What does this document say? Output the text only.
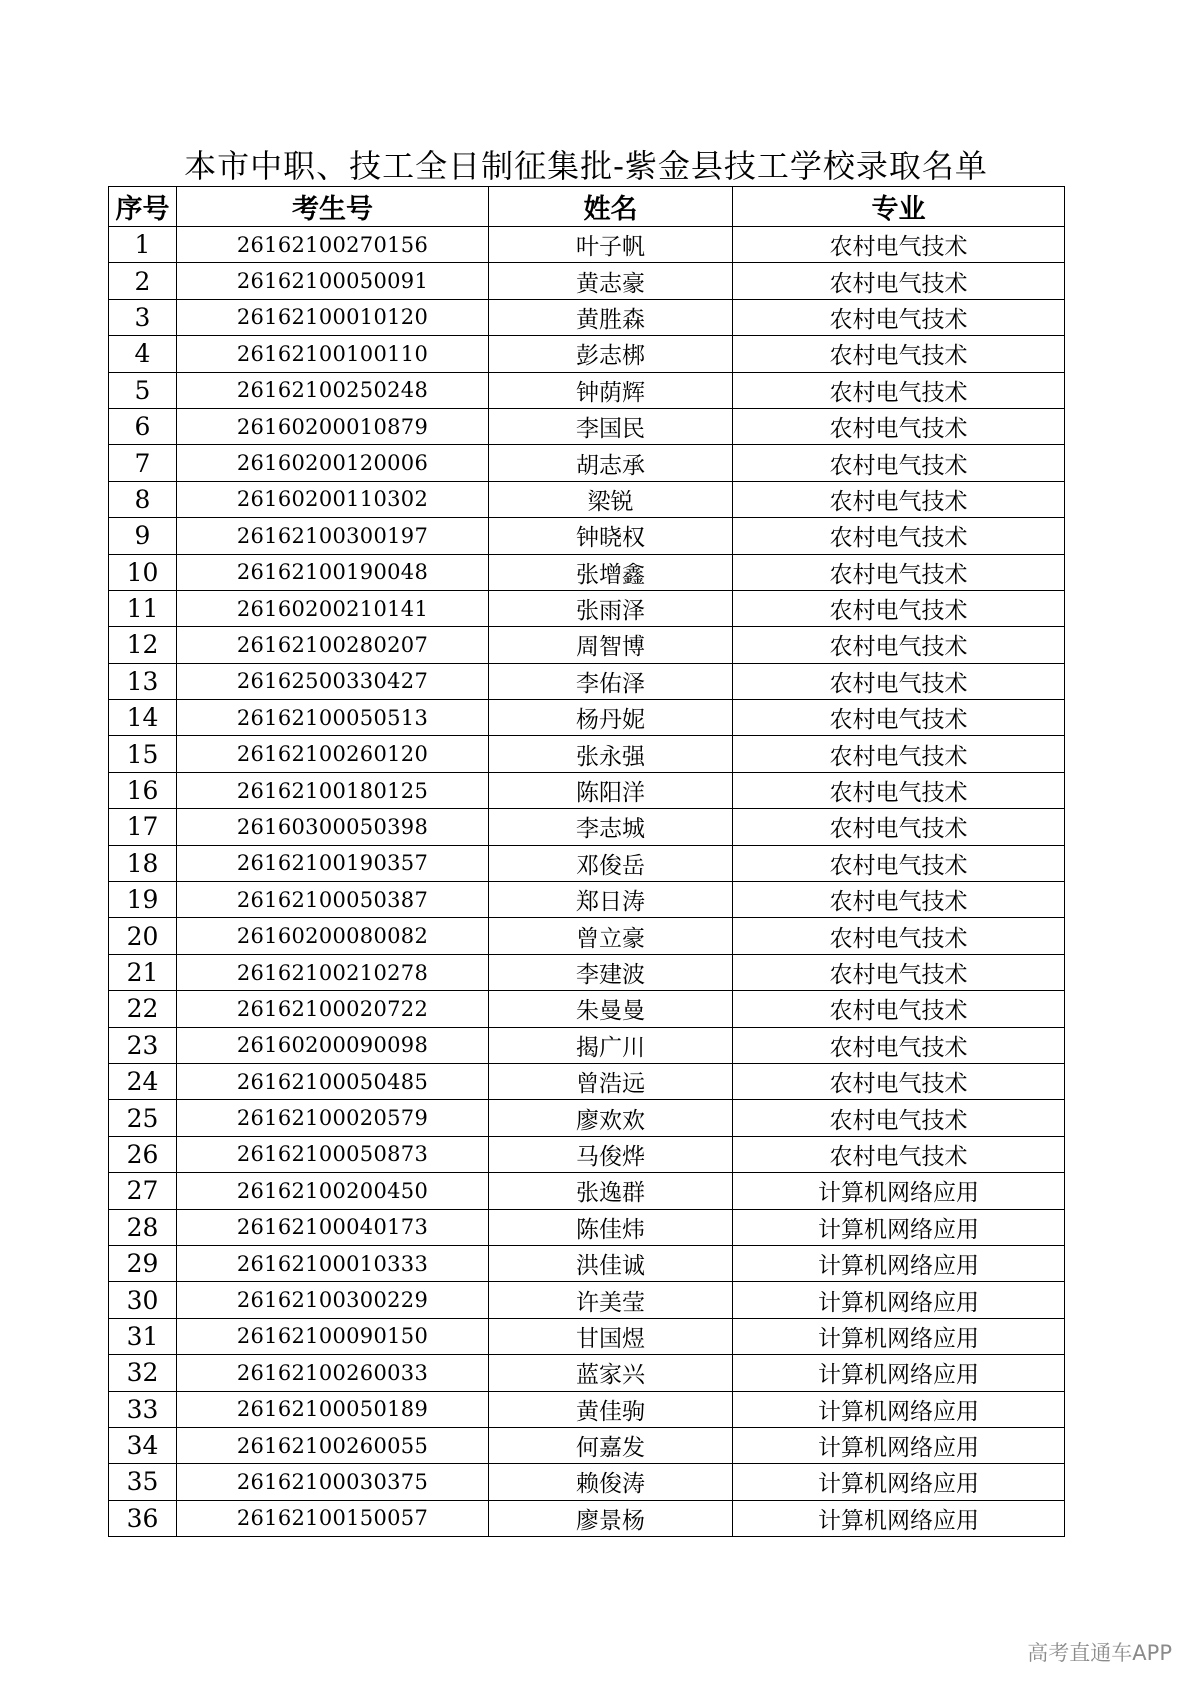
本市中职、技工全日制征集批-紫金县技工学校录取名单
序号	考生号	姓名	专业
1	26162100270156	叶子帆	农村电气技术
2	26162100050091	黄志豪	农村电气技术
3	26162100010120	黄胜森	农村电气技术
4	26162100100110	彭志梆	农村电气技术
5	26162100250248	钟荫辉	农村电气技术
6	26160200010879	李国民	农村电气技术
7	26160200120006	胡志承	农村电气技术
8	26160200110302	梁锐	农村电气技术
9	26162100300197	钟晓权	农村电气技术
10	26162100190048	张增鑫	农村电气技术
11	26160200210141	张雨泽	农村电气技术
12	26162100280207	周智博	农村电气技术
13	26162500330427	李佑泽	农村电气技术
14	26162100050513	杨丹妮	农村电气技术
15	26162100260120	张永强	农村电气技术
16	26162100180125	陈阳洋	农村电气技术
17	26160300050398	李志城	农村电气技术
18	26162100190357	邓俊岳	农村电气技术
19	26162100050387	郑日涛	农村电气技术
20	26160200080082	曾立豪	农村电气技术
21	26162100210278	李建波	农村电气技术
22	26162100020722	朱曼曼	农村电气技术
23	26160200090098	揭广川	农村电气技术
24	26162100050485	曾浩远	农村电气技术
25	26162100020579	廖欢欢	农村电气技术
26	26162100050873	马俊烨	农村电气技术
27	26162100200450	张逸群	计算机网络应用
28	26162100040173	陈佳炜	计算机网络应用
29	26162100010333	洪佳诚	计算机网络应用
30	26162100300229	许美莹	计算机网络应用
31	26162100090150	甘国煜	计算机网络应用
32	26162100260033	蓝家兴	计算机网络应用
33	26162100050189	黄佳驹	计算机网络应用
34	26162100260055	何嘉发	计算机网络应用
35	26162100030375	赖俊涛	计算机网络应用
36	26162100150057	廖景杨	计算机网络应用
高考直通车APP
